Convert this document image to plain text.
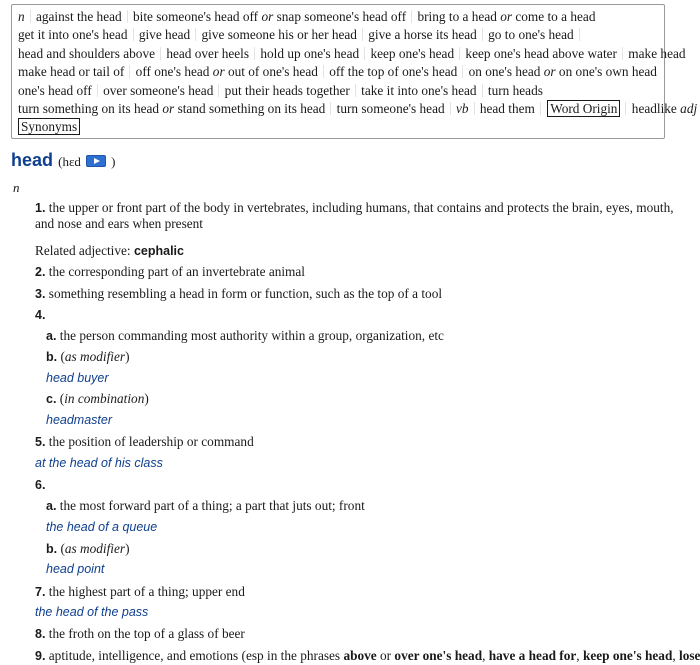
n against the head bite someone's head off or snap someone's head off bring to a head or come to a head
get it into one's head give head give someone his or her head give a horse its head go to one's head
head and shoulders above head over heels hold up one's head keep one's head keep one's head above water make head
make head or tail of off one's head or out of one's head off the top of one's head on one's head or on one's own head
one's head off over someone's head put their heads together take it into one's head turn heads
turn something on its head or stand something on its head turn someone's head vb head them Word Origin headlike adj
Synonyms
head (hɛd )
n
1. the upper or front part of the body in vertebrates, including humans, that contains and protects the brain, eyes, mouth,
and nose and ears when present
Related adjective: cephalic
2. the corresponding part of an invertebrate animal
3. something resembling a head in form or function, such as the top of a tool
4.
a. the person commanding most authority within a group, organization, etc
b. (as modifier)
head buyer
c. (in combination)
headmaster
5. the position of leadership or command
at the head of his class
6.
a. the most forward part of a thing; a part that juts out; front
the head of a queue
b. (as modifier)
head point
7. the highest part of a thing; upper end
the head of the pass
8. the froth on the top of a glass of beer
9. aptitude, intelligence, and emotions (esp in the phrases above or over one's head, have a head for, keep one's head, lose
